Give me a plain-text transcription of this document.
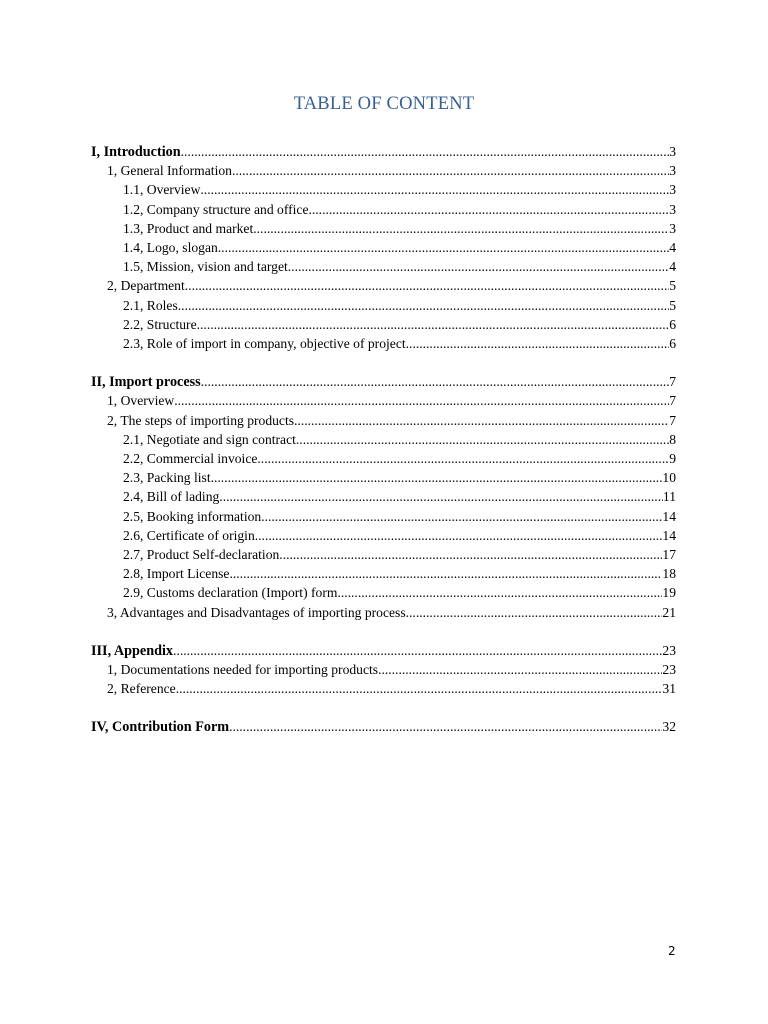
TABLE OF CONTENT
I, Introduction .....	3
1, General Information .....	3
1.1, Overview .....	3
1.2, Company structure and office .....	3
1.3, Product and market .....	3
1.4, Logo, slogan .....	4
1.5, Mission, vision and target .....	4
2, Department .....	5
2.1, Roles .....	5
2.2, Structure .....	6
2.3, Role of import in company, objective of project .....	6
II, Import process .....	7
1, Overview .....	7
2, The steps of importing products .....	7
2.1, Negotiate and sign contract .....	8
2.2, Commercial invoice .....	9
2.3, Packing list .....	10
2.4, Bill of lading .....	11
2.5, Booking information .....	14
2.6, Certificate of origin .....	14
2.7, Product Self-declaration .....	17
2.8, Import License .....	18
2.9, Customs declaration (Import) form .....	19
3, Advantages and Disadvantages of importing process .....	21
III, Appendix .....	23
1, Documentations needed for importing products .....	23
2, Reference .....	31
IV, Contribution Form .....	32
2
